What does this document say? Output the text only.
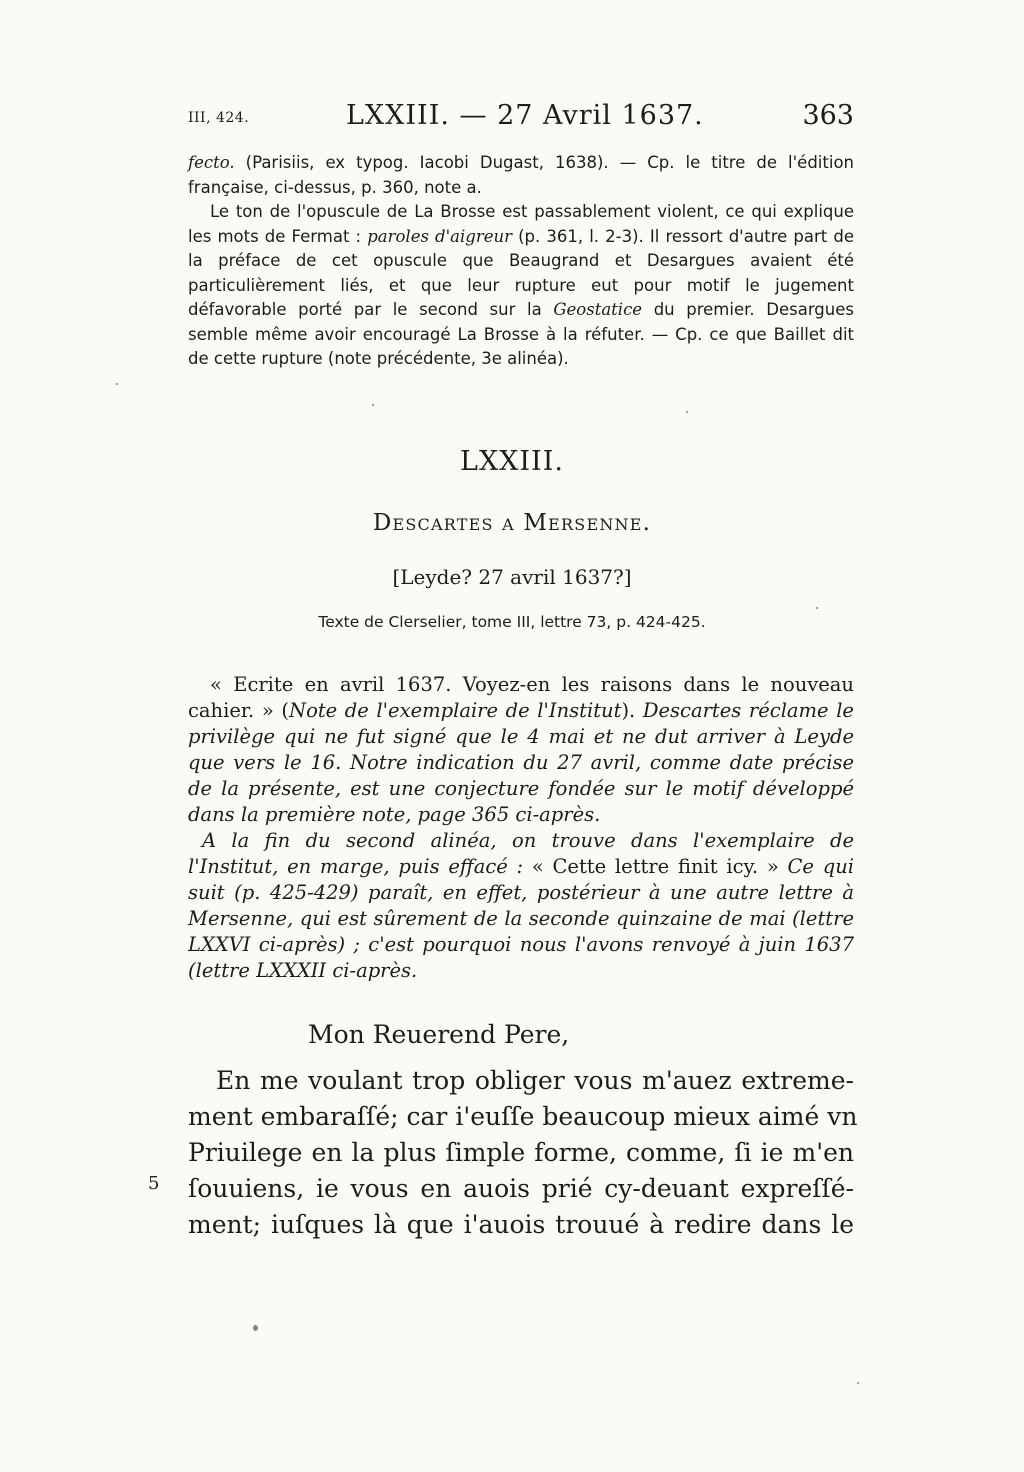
III, 424.	LXXIII. — 27 Avril 1637.	363

fecto. (Parisiis, ex typog. Iacobi Dugast, 1638). — Cp. le titre de l'édition française, ci-dessus, p. 360, note a.

Le ton de l'opuscule de La Brosse est passablement violent, ce qui explique les mots de Fermat : paroles d'aigreur (p. 361, l. 2-3). Il ressort d'autre part de la préface de cet opuscule que Beaugrand et Desargues avaient été particulièrement liés, et que leur rupture eut pour motif le jugement défavorable porté par le second sur la Geostatice du premier. Desargues semble même avoir encouragé La Brosse à la réfuter. — Cp. ce que Baillet dit de cette rupture (note précédente, 3e alinéa).

LXXIII.
Descartes a Mersenne.
[Leyde? 27 avril 1637?]
Texte de Clerselier, tome III, lettre 73, p. 424-425.

« Ecrite en avril 1637. Voyez-en les raisons dans le nouveau cahier. » (Note de l'exemplaire de l'Institut). Descartes réclame le privilège qui ne fut signé que le 4 mai et ne dut arriver à Leyde que vers le 16. Notre indication du 27 avril, comme date précise de la présente, est une conjecture fondée sur le motif développé dans la première note, page 365 ci-après.

A la fin du second alinéa, on trouve dans l'exemplaire de l'Institut, en marge, puis effacé : « Cette lettre finit icy. » Ce qui suit (p. 425-429) paraît, en effet, postérieur à une autre lettre à Mersenne, qui est sûrement de la seconde quinzaine de mai (lettre LXXVI ci-après) ; c'est pourquoi nous l'avons renvoyé à juin 1637 (lettre LXXXII ci-après.

Mon Reuerend Pere,
En me voulant trop obliger vous m'auez extreme-
ment embaraſſé; car i'euſſe beaucoup mieux aimé vn
Priuilege en la plus ſimple forme, comme, ſi ie m'en
ſouuiens, ie vous en auois prié cy-deuant expreſſé-
ment; iuſques là que i'auois trouué à redire dans le
5
